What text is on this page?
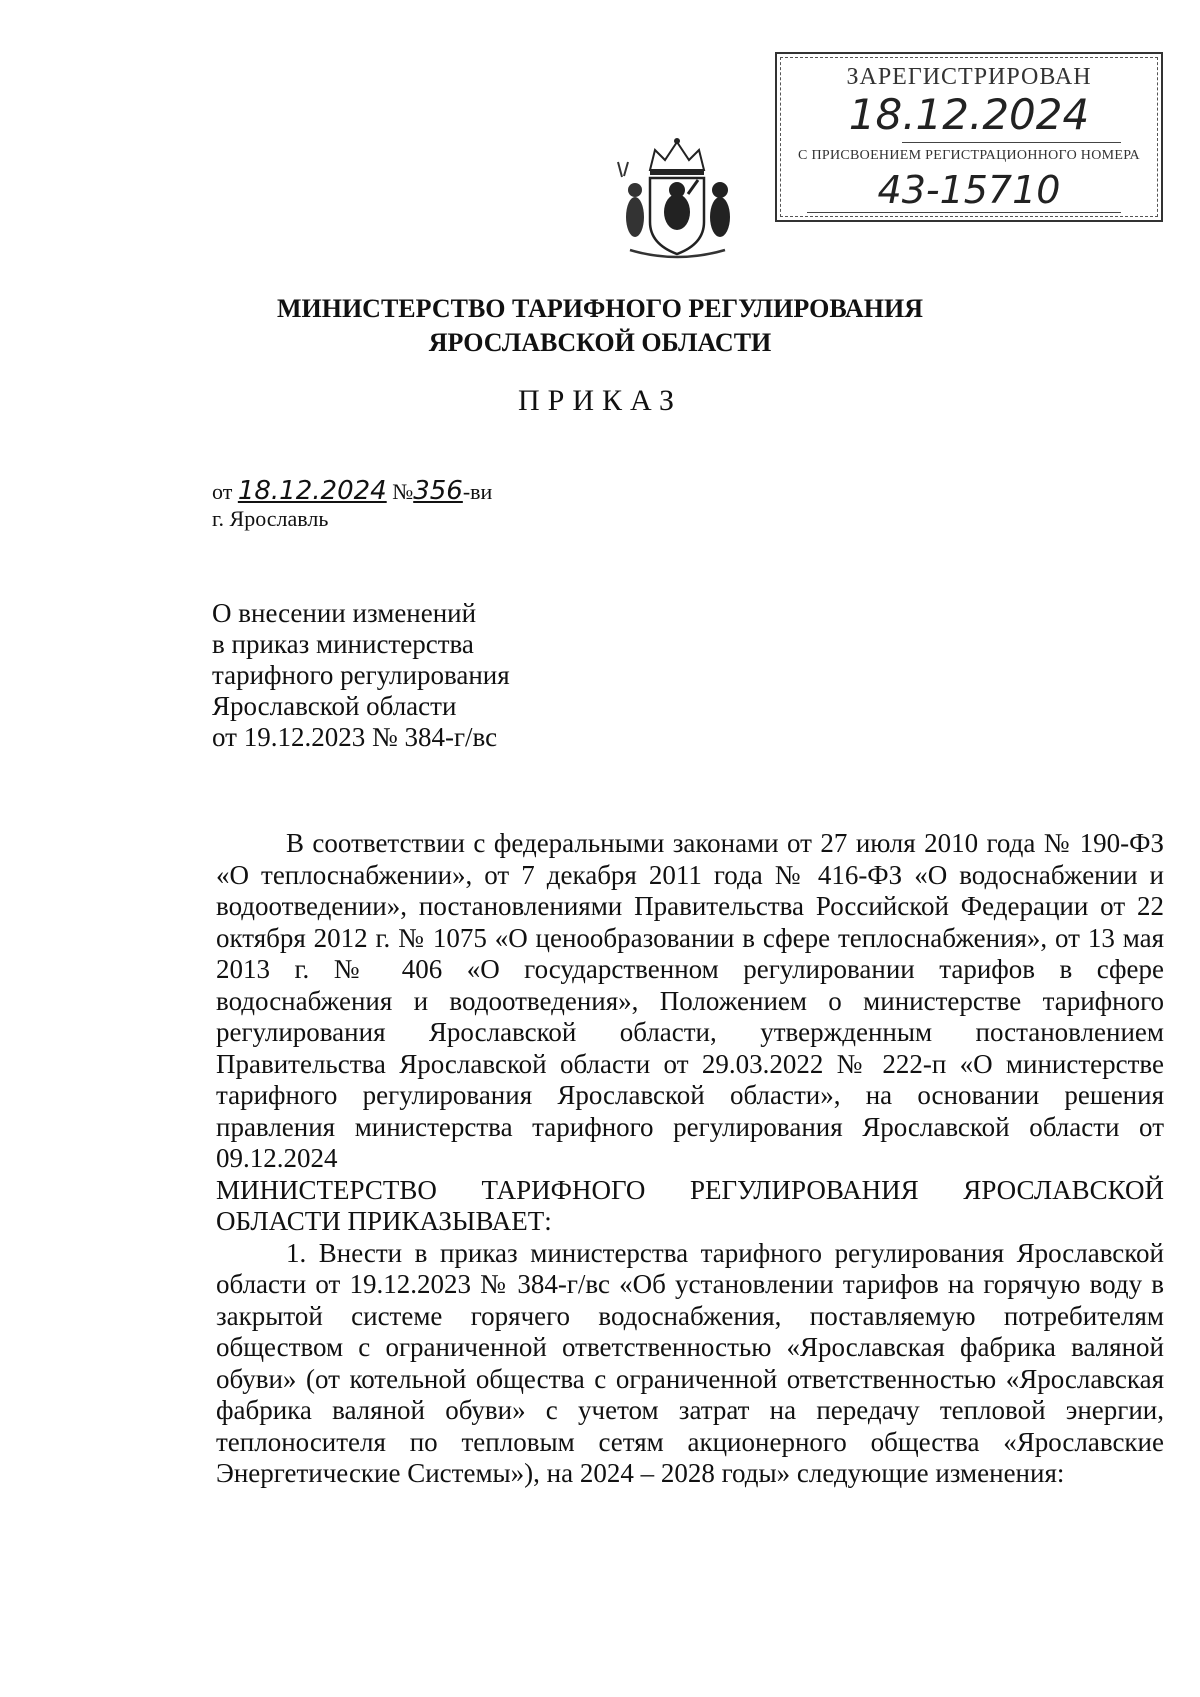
ЗАРЕГИСТРИРОВАН
18.12.2024
С ПРИСВОЕНИЕМ РЕГИСТРАЦИОННОГО НОМЕРА
43-15710
МИНИСТЕРСТВО ТАРИФНОГО РЕГУЛИРОВАНИЯ
ЯРОСЛАВСКОЙ ОБЛАСТИ
ПРИКАЗ
от 18.12.2024 №356-ви
г. Ярославль
О внесении изменений
в приказ министерства
тарифного регулирования
Ярославской области
от 19.12.2023 № 384-г/вс

В соответствии с федеральными законами от 27 июля 2010 года № 190-ФЗ «О теплоснабжении», от 7 декабря 2011 года № 416-ФЗ «О водоснабжении и водоотведении», постановлениями Правительства Российской Федерации от 22 октября 2012 г. № 1075 «О ценообразовании в сфере теплоснабжения», от 13 мая 2013 г. № 406 «О государственном регулировании тарифов в сфере водоснабжения и водоотведения», Положением о министерстве тарифного регулирования Ярославской области, утвержденным постановлением Правительства Ярославской области от 29.03.2022 № 222-п «О министерстве тарифного регулирования Ярославской области», на основании решения правления министерства тарифного регулирования Ярославской области от 09.12.2024

МИНИСТЕРСТВО ТАРИФНОГО РЕГУЛИРОВАНИЯ ЯРОСЛАВСКОЙ ОБЛАСТИ ПРИКАЗЫВАЕТ:

1. Внести в приказ министерства тарифного регулирования Ярославской области от 19.12.2023 № 384-г/вс «Об установлении тарифов на горячую воду в закрытой системе горячего водоснабжения, поставляемую потребителям обществом с ограниченной ответственностью «Ярославская фабрика валяной обуви» (от котельной общества с ограниченной ответственностью «Ярославская фабрика валяной обуви» с учетом затрат на передачу тепловой энергии, теплоносителя по тепловым сетям акционерного общества «Ярославские Энергетические Системы»), на 2024 – 2028 годы» следующие изменения:
